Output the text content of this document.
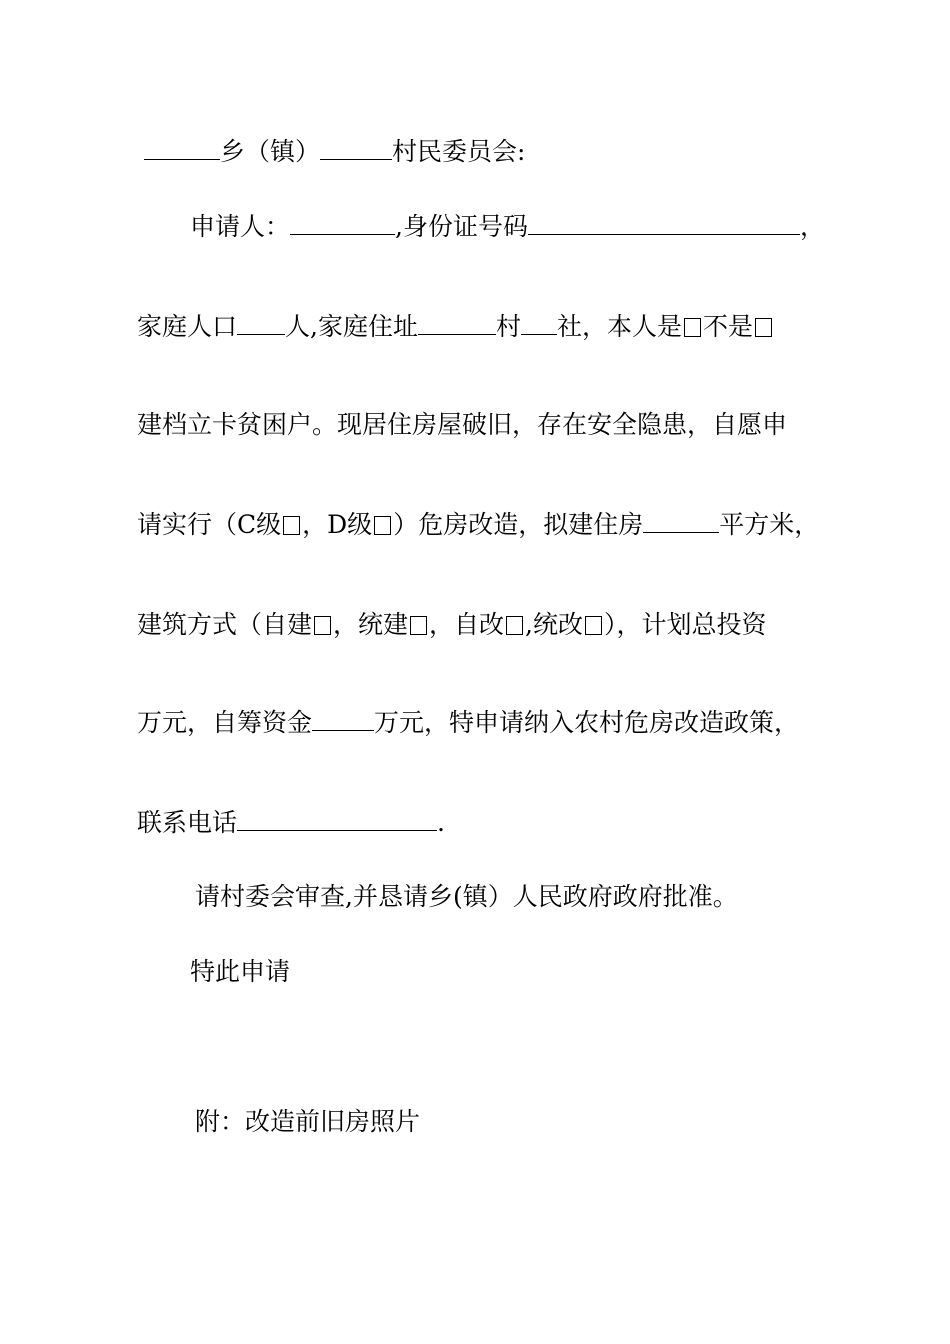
乡（镇）	村民委员会:
申请人：	,身份证号码	，
家庭人口 人,家庭住址	村 社，本人是 不是
建档立卡贫困户。现居住房屋破旧，存在安全隐患，自愿申
请实行（C级 ，D级 ）危房改造，拟建住房	平方米，
建筑方式（自建 ，统建 ，自改 ,统改 ），计划总投资
万元，自筹资金 万元，特申请纳入农村危房改造政策，
联系电话	.
请村委会审查,并恳请乡(镇）人民政府政府批准。
特此申请
附：改造前旧房照片
